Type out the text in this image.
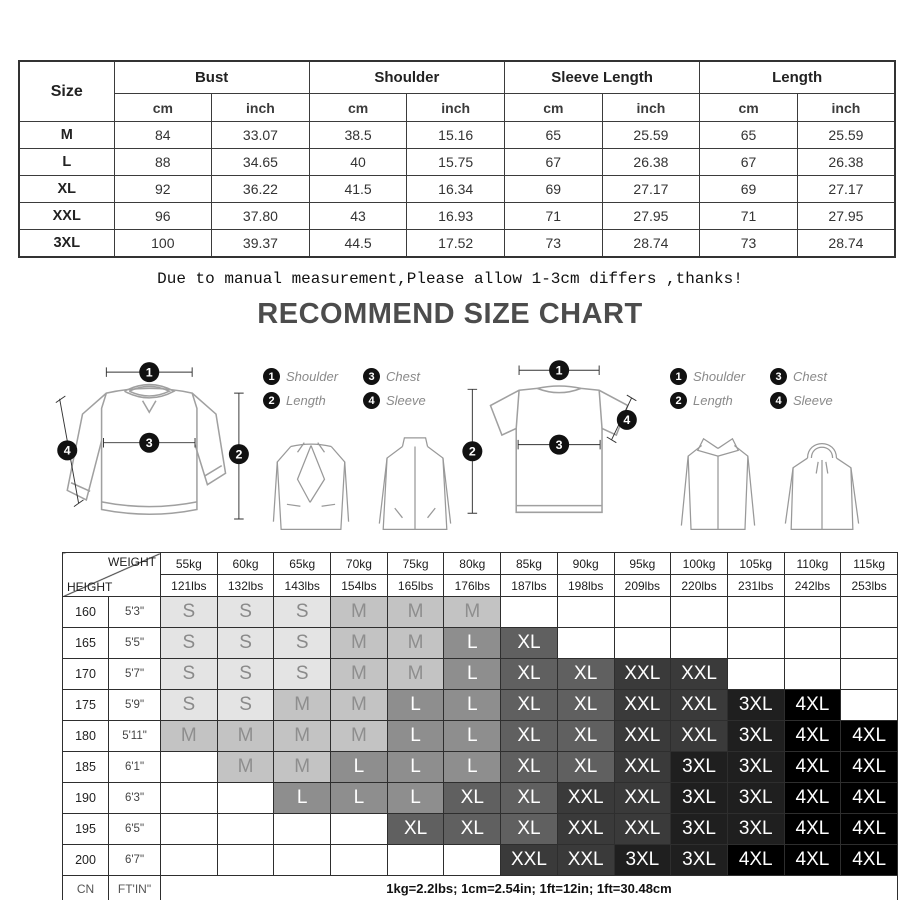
Size	Bust		Shoulder		Sleeve Length		Length	
	cm	inch	cm	inch	cm	inch	cm	inch
M	84	33.07	38.5	15.16	65	25.59	65	25.59
L	88	34.65	40	15.75	67	26.38	67	26.38
XL	92	36.22	41.5	16.34	69	27.17	69	27.17
XXL	96	37.80	43	16.93	71	27.95	71	27.95
3XL	100	39.37	44.5	17.52	73	28.74	73	28.74
Due to manual measurement,Please allow 1-3cm differs ,thanks!
RECOMMEND SIZE CHART
1
2
3
4
1 Shoulder	3 Chest
2 Length	4 Sleeve
1
2	3
4
1 Shoulder	3 Chest
2 Length	4 Sleeve
WEIGHT
HEIGHT		55kg	60kg	65kg	70kg	75kg	80kg	85kg	90kg	95kg	100kg	105kg	110kg	115kg
		121lbs	132lbs	143lbs	154lbs	165lbs	176lbs	187lbs	198lbs	209lbs	220lbs	231lbs	242lbs	253lbs
160	5'3"	S	S	S	M	M	M							
165	5'5"	S	S	S	M	M	L	XL						
170	5'7"	S	S	S	M	M	L	XL	XL	XXL	XXL			
175	5'9"	S	S	M	M	L	L	XL	XL	XXL	XXL	3XL	4XL	
180	5'11"	M	M	M	M	L	L	XL	XL	XXL	XXL	3XL	4XL	4XL
185	6'1"		M	M	L	L	L	XL	XL	XXL	3XL	3XL	4XL	4XL
190	6'3"			L	L	L	XL	XL	XXL	XXL	3XL	3XL	4XL	4XL
195	6'5"					XL	XL	XL	XXL	XXL	3XL	3XL	4XL	4XL
200	6'7"							XXL	XXL	3XL	3XL	4XL	4XL	4XL
CN	FT'IN"	1kg=2.2lbs; 1cm=2.54in; 1ft=12in; 1ft=30.48cm												
